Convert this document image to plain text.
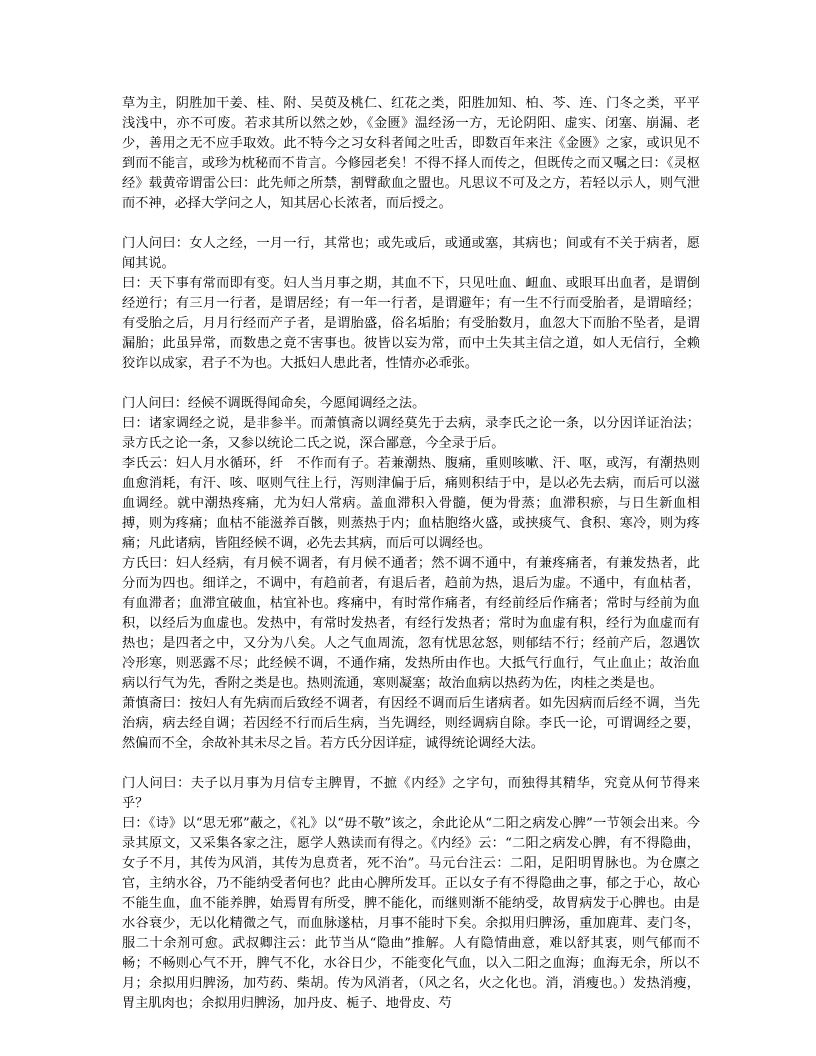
草为主，阴胜加干姜、桂、附、吴萸及桃仁、红花之类，阳胜加知、柏、芩、连、门冬之类，平平浅浅中，亦不可废。若求其所以然之妙，《金匮》温经汤一方，无论阴阳、虚实、闭塞、崩漏、老少，善用之无不应手取效。此不特今之习女科者闻之吐舌，即数百年来注《金匮》之家，或识见不到而不能言，或珍为枕秘而不肯言。今修园老矣！不得不择人而传之，但既传之而又嘱之曰：《灵枢经》载黄帝谓雷公曰：此先师之所禁，割臂歃血之盟也。凡思议不可及之方，若轻以示人，则气泄而不神，必择大学问之人，知其居心长浓者，而后授之。

门人问曰：女人之经，一月一行，其常也；或先或后，或通或塞，其病也；间或有不关于病者，愿闻其说。

曰：天下事有常而即有变。妇人当月事之期，其血不下，只见吐血、衄血、或眼耳出血者，是谓倒经逆行；有三月一行者，是谓居经；有一年一行者，是谓避年；有一生不行而受胎者，是谓暗经；有受胎之后，月月行经而产子者，是谓胎盛，俗名垢胎；有受胎数月，血忽大下而胎不坠者，是谓漏胎；此虽异常，而数患之竟不害事也。彼皆以妄为常，而中土失其主信之道，如人无信行，全赖狡诈以成家，君子不为也。大抵妇人患此者，性情亦必乖张。

门人问曰：经候不调既得闻命矣，今愿闻调经之法。

曰：诸家调经之说，是非参半。而萧慎斋以调经莫先于去病，录李氏之论一条，以分因详证治法；录方氏之论一条，又参以统论二氏之说，深合鄙意，今全录于后。

李氏云：妇人月水循环，纤　不作而有子。若兼潮热、腹痛，重则咳嗽、汗、呕，或泻，有潮热则血愈消耗，有汗、咳、呕则气往上行，泻则津偏于后，痛则积结于中，是以必先去病，而后可以滋血调经。就中潮热疼痛，尤为妇人常病。盖血滞积入骨髓，便为骨蒸；血滞积瘀，与日生新血相搏，则为疼痛；血枯不能滋养百骸，则蒸热于内；血枯胞络火盛，或挟痰气、食积、寒冷，则为疼痛；凡此诸病，皆阻经候不调，必先去其病，而后可以调经也。

方氏曰：妇人经病，有月候不调者，有月候不通者；然不调不通中，有兼疼痛者，有兼发热者，此分而为四也。细详之，不调中，有趋前者，有退后者，趋前为热，退后为虚。不通中，有血枯者，有血滞者；血滞宜破血，枯宜补也。疼痛中，有时常作痛者，有经前经后作痛者；常时与经前为血积，以经后为血虚也。发热中，有常时发热者，有经行发热者；常时为血虚有积，经行为血虚而有热也；是四者之中，又分为八矣。人之气血周流，忽有忧思忿怒，则郁结不行；经前产后，忽遇饮冷形寒，则恶露不尽；此经候不调，不通作痛，发热所由作也。大抵气行血行，气止血止；故治血病以行气为先，香附之类是也。热则流通，寒则凝塞；故治血病以热药为佐，肉桂之类是也。

萧慎斋曰：按妇人有先病而后致经不调者，有因经不调而后生诸病者。如先因病而后经不调，当先治病，病去经自调；若因经不行而后生病，当先调经，则经调病自除。李氏一论，可谓调经之要，然偏而不全，余故补其未尽之旨。若方氏分因详症，诚得统论调经大法。

门人问曰：夫子以月事为月信专主脾胃，不摭《内经》之字句，而独得其精华，究竟从何节得来乎？

曰：《诗》以“思无邪”蔽之，《礼》以“毋不敬”该之，余此论从“二阳之病发心脾”一节领会出来。今录其原文，又采集各家之注，愿学人熟读而有得之。《内经》云：“二阳之病发心脾，有不得隐曲，女子不月，其传为风消，其传为息贲者，死不治”。马元台注云：二阳，足阳明胃脉也。为仓廪之官，主纳水谷，乃不能纳受者何也？此由心脾所发耳。正以女子有不得隐曲之事，郁之于心，故心不能生血，血不能养脾，始焉胃有所受，脾不能化，而继则渐不能纳受，故胃病发于心脾也。由是水谷衰少，无以化精微之气，而血脉遂枯，月事不能时下矣。余拟用归脾汤，重加鹿茸、麦门冬，服二十余剂可愈。武叔卿注云：此节当从“隐曲”推解。人有隐情曲意，难以舒其衷，则气郁而不畅；不畅则心气不开，脾气不化，水谷日少，不能变化气血，以入二阳之血海；血海无余，所以不月；余拟用归脾汤，加芍药、柴胡。传为风消者，（风之名，火之化也。消，消瘦也。）发热消瘦，胃主肌肉也；余拟用归脾汤，加丹皮、栀子、地骨皮、芍
